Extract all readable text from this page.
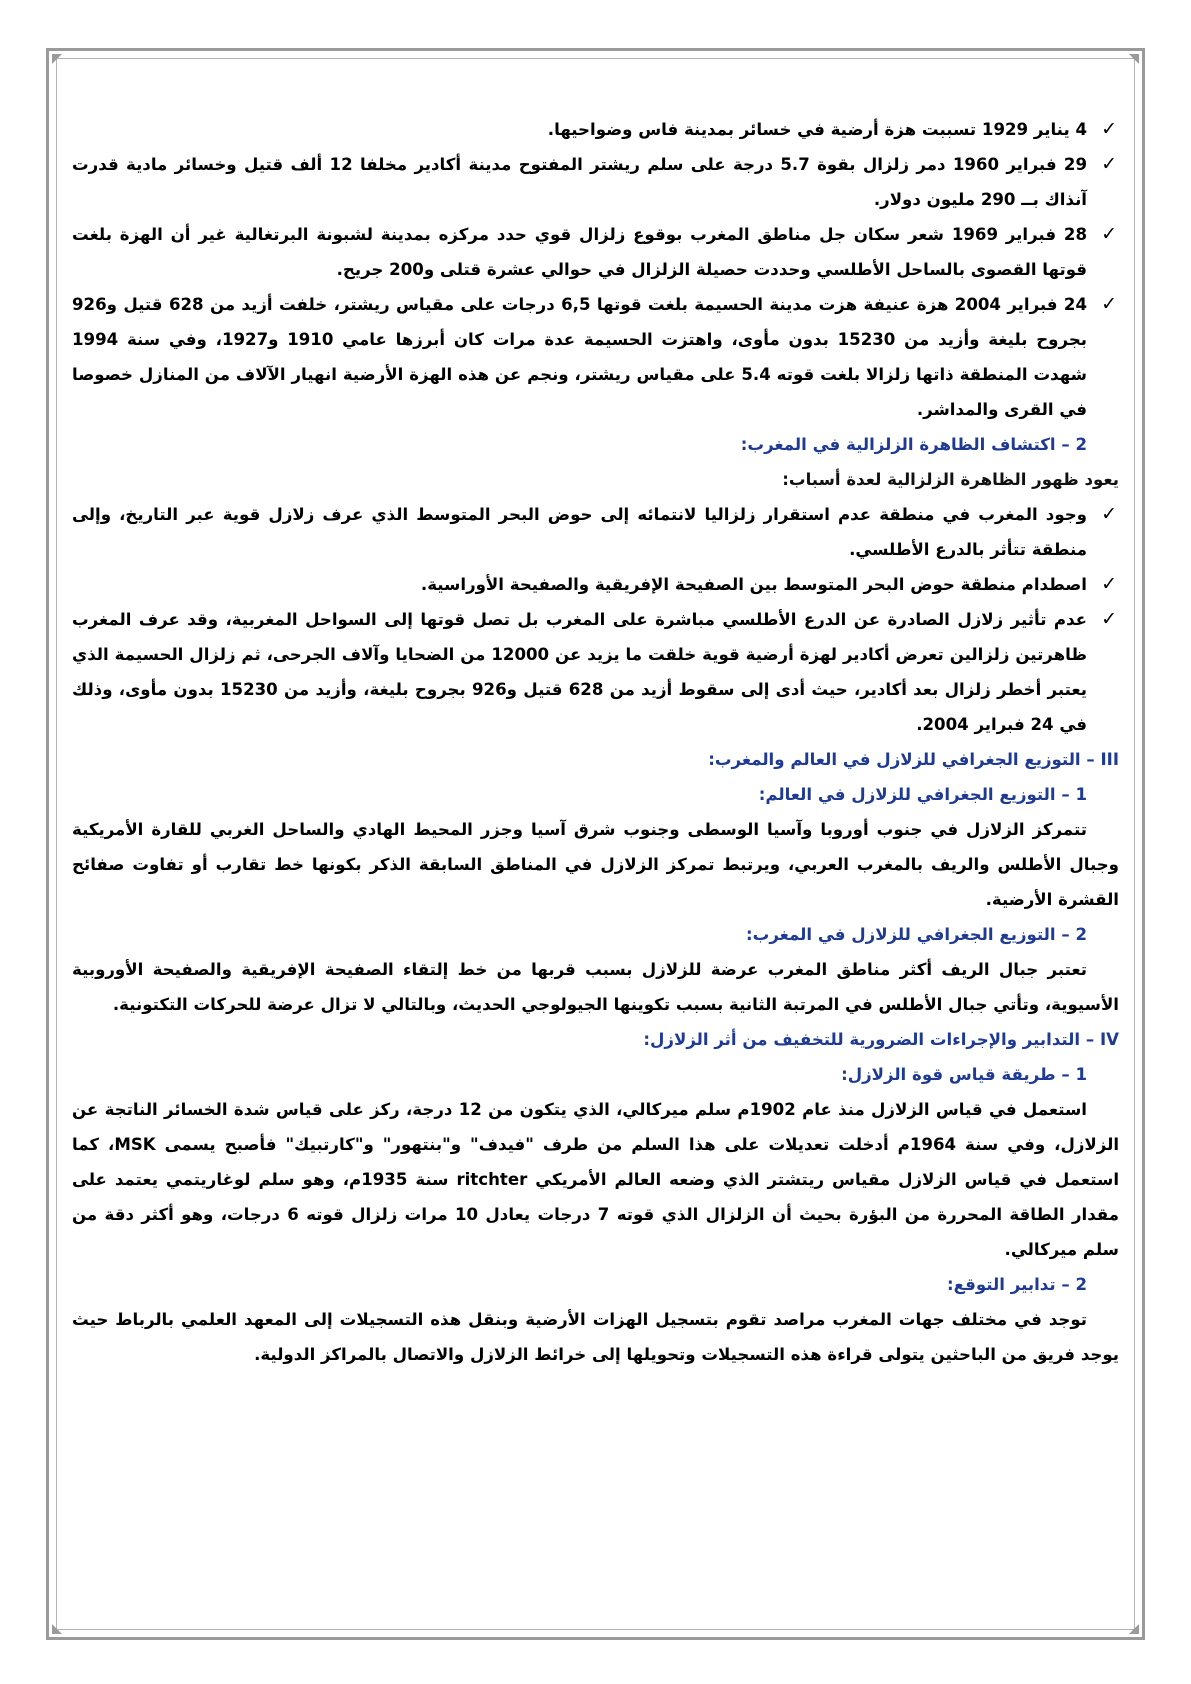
✓
4 يناير 1929 تسببت هزة أرضية في خسائر بمدينة فاس وضواحيها.

✓
29 فبراير 1960 دمر زلزال بقوة 5.7 درجة على سلم ريشتر المفتوح مدينة أكادير مخلفا 12 ألف قتيل وخسائر مادية قدرت آنذاك بــ 290 مليون دولار.

✓
28 فبراير 1969 شعر سكان جل مناطق المغرب بوقوع زلزال قوي حدد مركزه بمدينة لشبونة البرتغالية غير أن الهزة بلغت قوتها القصوى بالساحل الأطلسي وحددت حصيلة الزلزال في حوالي عشرة قتلى و200 جريح.

✓
24 فبراير 2004 هزة عنيفة هزت مدينة الحسيمة بلغت قوتها 6,5 درجات على مقياس ريشتر، خلفت أزيد من 628 قتيل و926 بجروح بليغة وأزيد من 15230 بدون مأوى، واهتزت الحسيمة عدة مرات كان أبرزها عامي 1910 و1927، وفي سنة 1994 شهدت المنطقة ذاتها زلزالا بلغت قوته 5.4 على مقياس ريشتر، ونجم عن هذه الهزة الأرضية انهيار الآلاف من المنازل خصوصا في القرى والمداشر.

2 – اكتشاف الظاهرة الزلزالية في المغرب:

يعود ظهور الظاهرة الزلزالية لعدة أسباب:

✓
وجود المغرب في منطقة عدم استقرار زلزاليا لانتمائه إلى حوض البحر المتوسط الذي عرف زلازل قوية عبر التاريخ، وإلى منطقة تتأثر بالدرع الأطلسي.

✓
اصطدام منطقة حوض البحر المتوسط بين الصفيحة الإفريقية والصفيحة الأوراسية.

✓
عدم تأثير زلازل الصادرة عن الدرع الأطلسي مباشرة على المغرب بل تصل قوتها إلى السواحل المغربية، وقد عرف المغرب ظاهرتين زلزالين تعرض أكادير لهزة أرضية قوية خلقت ما يزيد عن 12000 من الضحايا وآلاف الجرحى، ثم زلزال الحسيمة الذي يعتبر أخطر زلزال بعد أكادير، حيث أدى إلى سقوط أزيد من 628 قتيل و926 بجروح بليغة، وأزيد من 15230 بدون مأوى، وذلك في 24 فبراير 2004.

III – التوزيع الجغرافي للزلازل في العالم والمغرب:

1 – التوزيع الجغرافي للزلازل في العالم:

تتمركز الزلازل في جنوب أوروبا وآسيا الوسطى وجنوب شرق آسيا وجزر المحيط الهادي والساحل الغربي للقارة الأمريكية وجبال الأطلس والريف بالمغرب العربي، ويرتبط تمركز الزلازل في المناطق السابقة الذكر بكونها خط تقارب أو تفاوت صفائح القشرة الأرضية.

2 – التوزيع الجغرافي للزلازل في المغرب:

تعتبر جبال الريف أكثر مناطق المغرب عرضة للزلازل بسبب قربها من خط إلتقاء الصفيحة الإفريقية والصفيحة الأوروبية الأسيوية، وتأتي جبال الأطلس في المرتبة الثانية بسبب تكوينها الجيولوجي الحديث، وبالتالي لا تزال عرضة للحركات التكتونية.

IV – التدابير والإجراءات الضرورية للتخفيف من أثر الزلازل:

1 – طريقة قياس قوة الزلازل:

استعمل في قياس الزلازل منذ عام 1902م سلم ميركالي، الذي يتكون من 12 درجة، ركز على قياس شدة الخسائر الناتجة عن الزلازل، وفي سنة 1964م أدخلت تعديلات على هذا السلم من طرف "فيدف" و"بنتهور" و"كارتبيك" فأصبح يسمى MSK، كما استعمل في قياس الزلازل مقياس ريتشتر الذي وضعه العالم الأمريكي ritchter سنة 1935م، وهو سلم لوغاريتمي يعتمد على مقدار الطاقة المحررة من البؤرة بحيث أن الزلزال الذي قوته 7 درجات يعادل 10 مرات زلزال قوته 6 درجات، وهو أكثر دقة من سلم ميركالي.

2 – تدابير التوقع:

توجد في مختلف جهات المغرب مراصد تقوم بتسجيل الهزات الأرضية وبنقل هذه التسجيلات إلى المعهد العلمي بالرباط حيث يوجد فريق من الباحثين يتولى قراءة هذه التسجيلات وتحويلها إلى خرائط الزلازل والاتصال بالمراكز الدولية.
